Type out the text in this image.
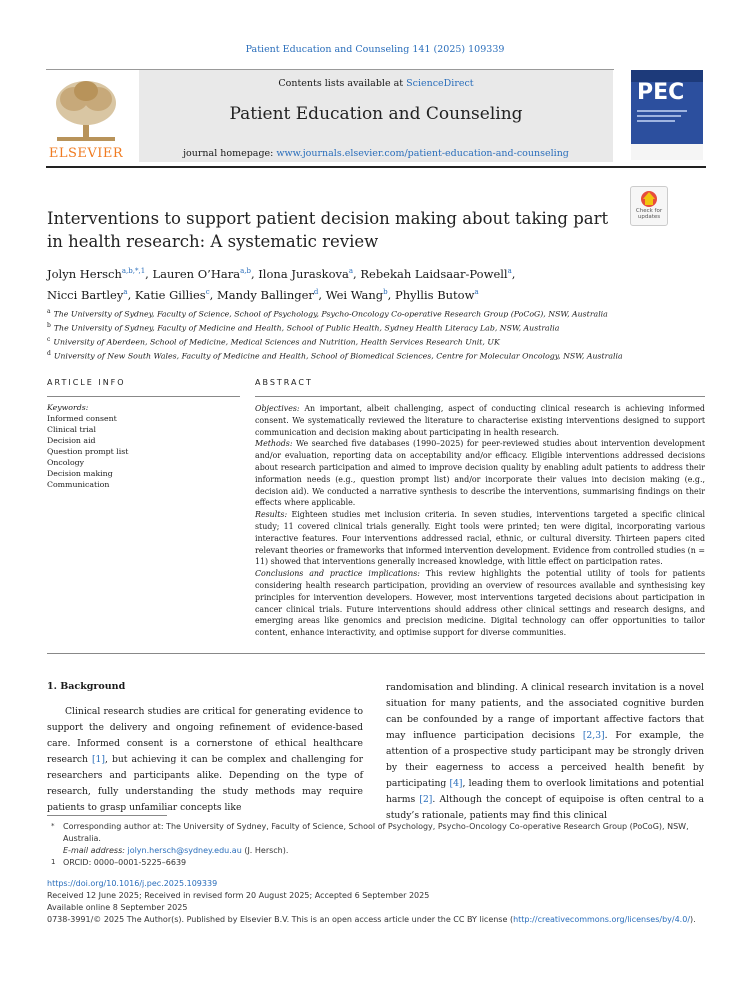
Patient Education and Counseling 141 (2025) 109339
ELSEVIER
Contents lists available at ScienceDirect
Patient Education and Counseling
journal homepage: www.journals.elsevier.com/patient-education-and-counseling
PEC
Check for updates
Interventions to support patient decision making about taking part in health research: A systematic review
Jolyn Hersch$^{a,b,*,1}$, Lauren O’Hara$^{a,b}$, Ilona Juraskova$^a$, Rebekah Laidsaar-Powell$^a$,
Nicci Bartley$^a$, Katie Gillies$^c$, Mandy Ballinger$^d$, Wei Wang$^b$, Phyllis Butow$^a$
$^a$ The University of Sydney, Faculty of Science, School of Psychology, Psycho-Oncology Co-operative Research Group (PoCoG), NSW, Australia
$^b$ The University of Sydney, Faculty of Medicine and Health, School of Public Health, Sydney Health Literacy Lab, NSW, Australia
$^c$ University of Aberdeen, School of Medicine, Medical Sciences and Nutrition, Health Services Research Unit, UK
$^d$ University of New South Wales, Faculty of Medicine and Health, School of Biomedical Sciences, Centre for Molecular Oncology, NSW, Australia
ARTICLE INFO	ABSTRACT
Keywords:
Informed consent
Clinical trial
Decision aid
Question prompt list
Oncology
Decision making
Communication

Objectives: An important, albeit challenging, aspect of conducting clinical research is achieving informed consent. We systematically reviewed the literature to characterise existing interventions designed to support communication and decision making about participating in health research.

Methods: We searched five databases (1990–2025) for peer-reviewed studies about intervention development and/or evaluation, reporting data on acceptability and/or efficacy. Eligible interventions addressed decisions about research participation and aimed to improve decision quality by enabling adult patients to address their information needs (e.g., question prompt list) and/or incorporate their values into decision making (e.g., decision aid). We conducted a narrative synthesis to describe the interventions, summarising findings on their effects where applicable.

Results: Eighteen studies met inclusion criteria. In seven studies, interventions targeted a specific clinical study; 11 covered clinical trials generally. Eight tools were printed; ten were digital, incorporating various interactive features. Four interventions addressed racial, ethnic, or cultural diversity. Thirteen papers cited relevant theories or frameworks that informed intervention development. Evidence from controlled studies (n = 11) showed that interventions generally increased knowledge, with little effect on participation rates.

Conclusions and practice implications: This review highlights the potential utility of tools for patients considering health research participation, providing an overview of resources available and synthesising key principles for intervention developers. However, most interventions targeted decisions about participation in cancer clinical trials. Future interventions should address other clinical settings and research designs, and emerging areas like genomics and precision medicine. Digital technology can offer opportunities to tailor content, enhance interactivity, and optimise support for diverse communities.

1. Background
Clinical research studies are critical for generating evidence to support the delivery and ongoing refinement of evidence-based care. Informed consent is a cornerstone of ethical healthcare research [1], but achieving it can be complex and challenging for researchers and participants alike. Depending on the type of research, fully understanding the study methods may require patients to grasp unfamiliar concepts like
randomisation and blinding. A clinical research invitation is a novel situation for many patients, and the associated cognitive burden can be confounded by a range of important affective factors that may influence participation decisions [2,3]. For example, the attention of a prospective study participant may be strongly driven by their eagerness to access a perceived health benefit by participating [4], leading them to overlook limitations and potential harms [2]. Although the concept of equipoise is often central to a study’s rationale, patients may find this clinical
* Corresponding author at: The University of Sydney, Faculty of Science, School of Psychology, Psycho-Oncology Co-operative Research Group (PoCoG), NSW, Australia.
E-mail address: jolyn.hersch@sydney.edu.au (J. Hersch).
1 ORCID: 0000–0001-5225–6639
https://doi.org/10.1016/j.pec.2025.109339
Received 12 June 2025; Received in revised form 20 August 2025; Accepted 6 September 2025
Available online 8 September 2025
0738-3991/© 2025 The Author(s). Published by Elsevier B.V. This is an open access article under the CC BY license (http://creativecommons.org/licenses/by/4.0/).
